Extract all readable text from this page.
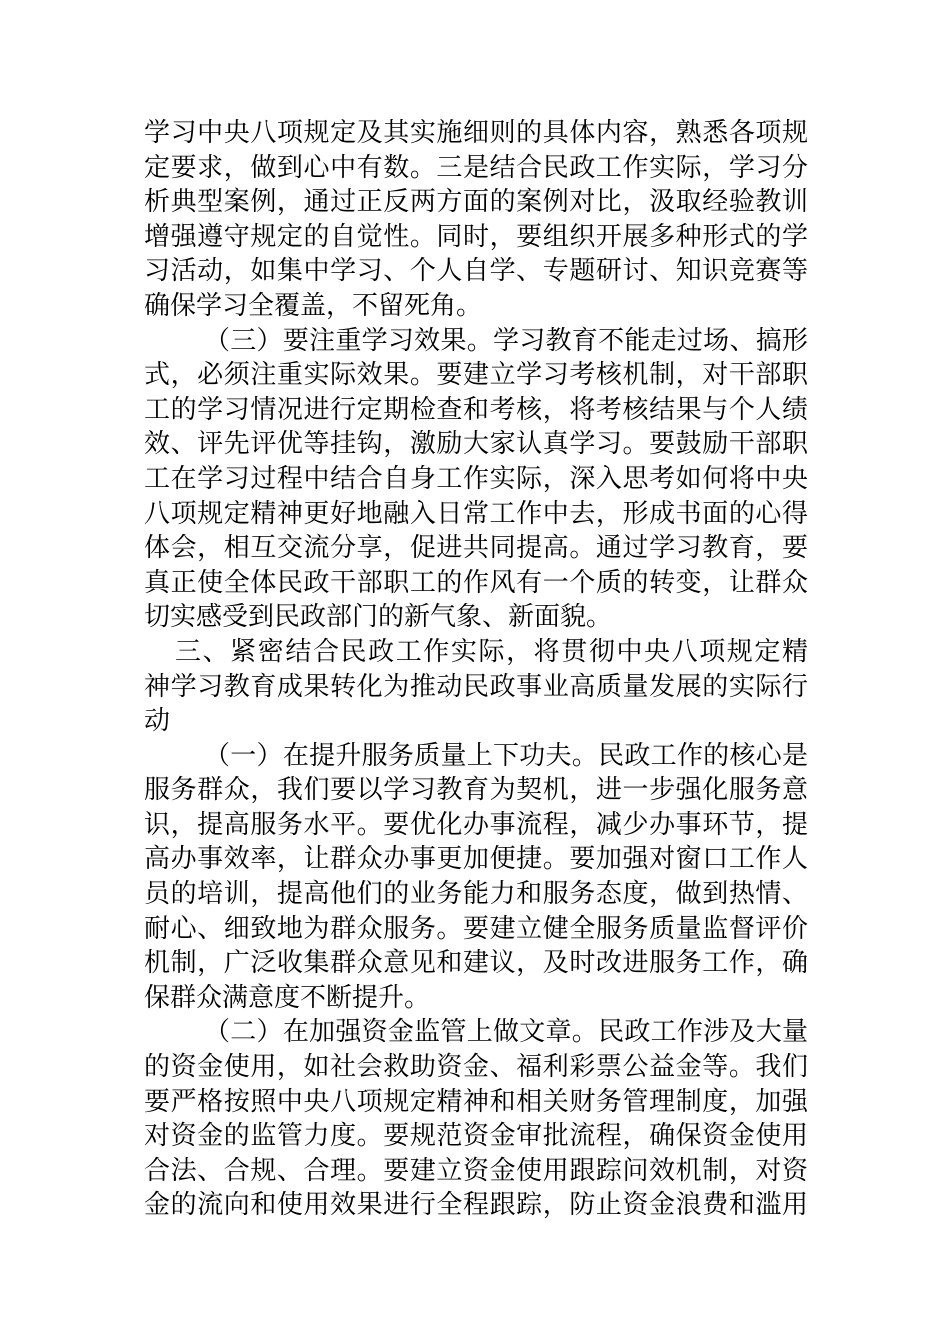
学习中央八项规定及其实施细则的具体内容，熟悉各项规
定要求，做到心中有数。三是结合民政工作实际，学习分
析典型案例，通过正反两方面的案例对比，汲取经验教训
增强遵守规定的自觉性。同时，要组织开展多种形式的学
习活动，如集中学习、个人自学、专题研讨、知识竞赛等
确保学习全覆盖，不留死角。
（三）要注重学习效果。学习教育不能走过场、搞形
式，必须注重实际效果。要建立学习考核机制，对干部职
工的学习情况进行定期检查和考核，将考核结果与个人绩
效、评先评优等挂钩，激励大家认真学习。要鼓励干部职
工在学习过程中结合自身工作实际，深入思考如何将中央
八项规定精神更好地融入日常工作中去，形成书面的心得
体会，相互交流分享，促进共同提高。通过学习教育，要
真正使全体民政干部职工的作风有一个质的转变，让群众
切实感受到民政部门的新气象、新面貌。
三、紧密结合民政工作实际，将贯彻中央八项规定精
神学习教育成果转化为推动民政事业高质量发展的实际行
动
（一）在提升服务质量上下功夫。民政工作的核心是
服务群众，我们要以学习教育为契机，进一步强化服务意
识，提高服务水平。要优化办事流程，减少办事环节，提
高办事效率，让群众办事更加便捷。要加强对窗口工作人
员的培训，提高他们的业务能力和服务态度，做到热情、
耐心、细致地为群众服务。要建立健全服务质量监督评价
机制，广泛收集群众意见和建议，及时改进服务工作，确
保群众满意度不断提升。
（二）在加强资金监管上做文章。民政工作涉及大量
的资金使用，如社会救助资金、福利彩票公益金等。我们
要严格按照中央八项规定精神和相关财务管理制度，加强
对资金的监管力度。要规范资金审批流程，确保资金使用
合法、合规、合理。要建立资金使用跟踪问效机制，对资
金的流向和使用效果进行全程跟踪，防止资金浪费和滥用
